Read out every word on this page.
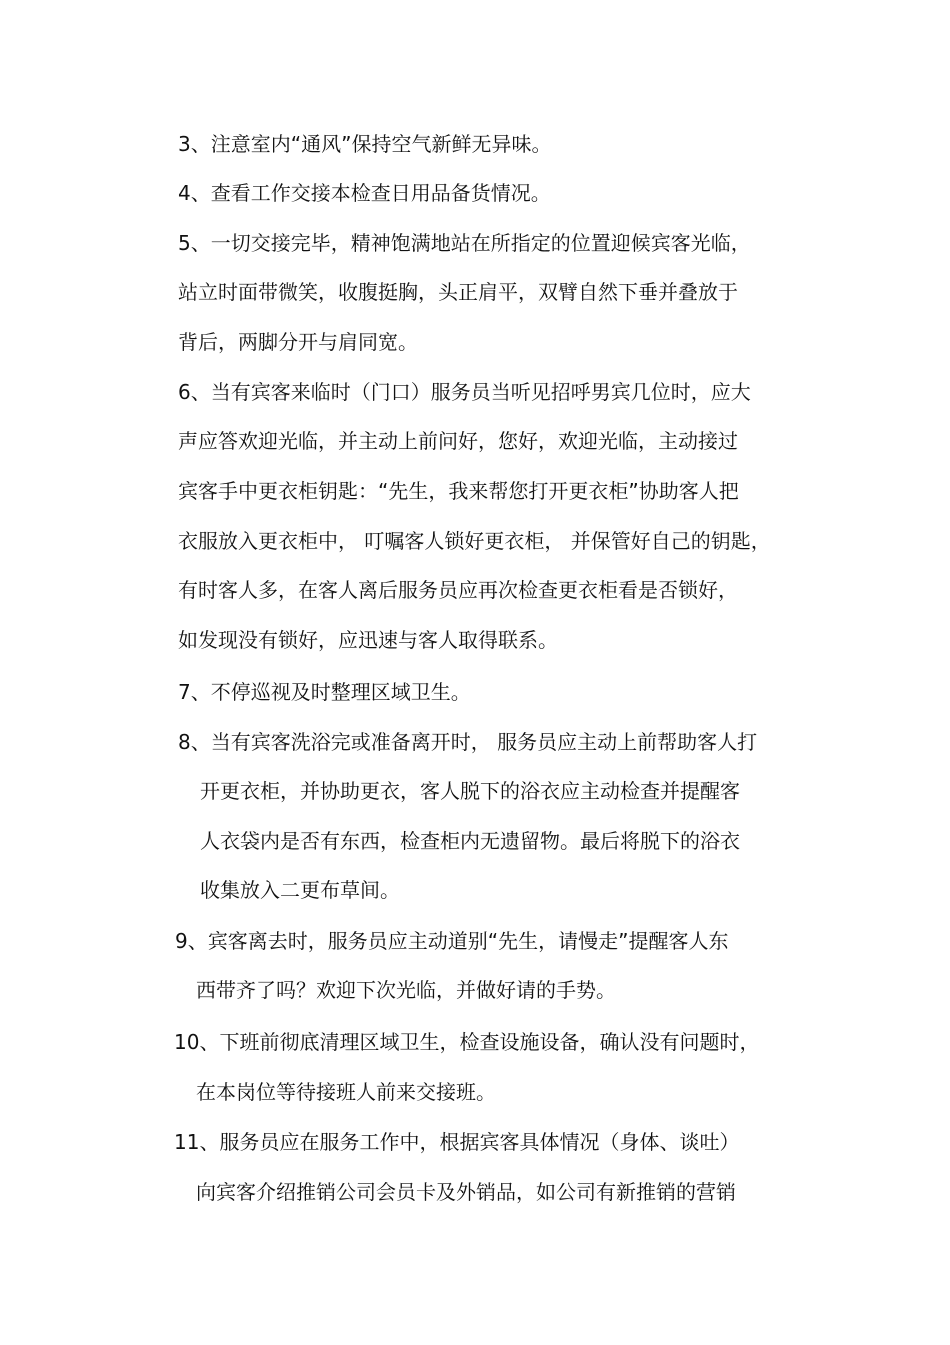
3、注意室内“通风”保持空气新鲜无异味。
4、查看工作交接本检查日用品备货情况。
5、一切交接完毕，精神饱满地站在所指定的位置迎候宾客光临，
站立时面带微笑，收腹挺胸，头正肩平，双臂自然下垂并叠放于
背后，两脚分开与肩同宽。
6、当有宾客来临时（门口）服务员当听见招呼男宾几位时，应大
声应答欢迎光临，并主动上前问好，您好，欢迎光临，主动接过
宾客手中更衣柜钥匙：“先生，我来帮您打开更衣柜”协助客人把
衣服放入更衣柜中， 叮嘱客人锁好更衣柜， 并保管好自己的钥匙，
有时客人多，在客人离后服务员应再次检查更衣柜看是否锁好，
如发现没有锁好，应迅速与客人取得联系。
7、不停巡视及时整理区域卫生。
8、当有宾客洗浴完或准备离开时， 服务员应主动上前帮助客人打
开更衣柜，并协助更衣，客人脱下的浴衣应主动检查并提醒客
人衣袋内是否有东西，检查柜内无遗留物。最后将脱下的浴衣
收集放入二更布草间。
9、宾客离去时，服务员应主动道别“先生，请慢走”提醒客人东
西带齐了吗？欢迎下次光临，并做好请的手势。
10、下班前彻底清理区域卫生，检查设施设备，确认没有问题时，
在本岗位等待接班人前来交接班。
11、服务员应在服务工作中，根据宾客具体情况（身体、谈吐）
向宾客介绍推销公司会员卡及外销品，如公司有新推销的营销
